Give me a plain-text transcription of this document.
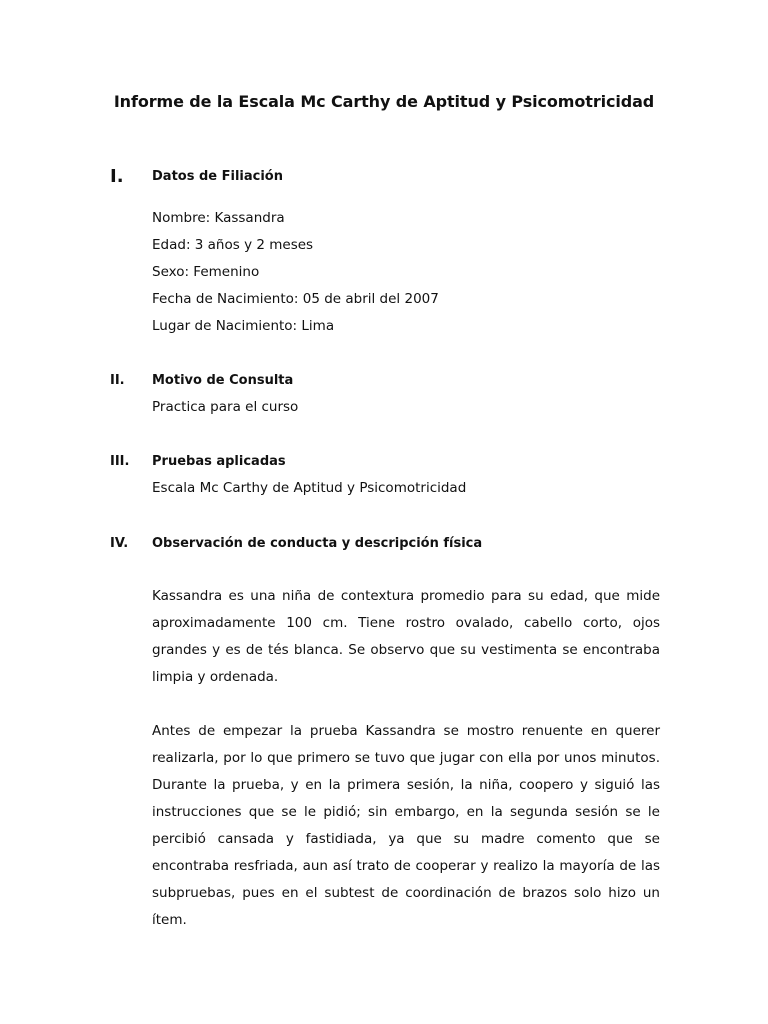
Informe de la Escala Mc Carthy de Aptitud y Psicomotricidad
I. Datos de Filiación
Nombre: Kassandra
Edad: 3 años y 2 meses
Sexo: Femenino
Fecha de Nacimiento: 05 de abril del 2007
Lugar de Nacimiento: Lima
II. Motivo de Consulta
Practica para el curso
III. Pruebas aplicadas
Escala Mc Carthy de Aptitud y Psicomotricidad
IV. Observación de conducta y descripción física
Kassandra es una niña de contextura promedio para su edad, que mide
aproximadamente 100 cm. Tiene rostro ovalado, cabello corto, ojos
grandes y es de tés blanca. Se observo que su vestimenta se encontraba
limpia y ordenada.
Antes de empezar la prueba Kassandra se mostro renuente en querer
realizarla, por lo que primero se tuvo que jugar con ella por unos minutos.
Durante la prueba, y en la primera sesión, la niña, coopero y siguió las
instrucciones que se le pidió; sin embargo, en la segunda sesión se le
percibió cansada y fastidiada, ya que su madre comento que se
encontraba resfriada, aun así trato de cooperar y realizo la mayoría de las
subpruebas, pues en el subtest de coordinación de brazos solo hizo un
ítem.
